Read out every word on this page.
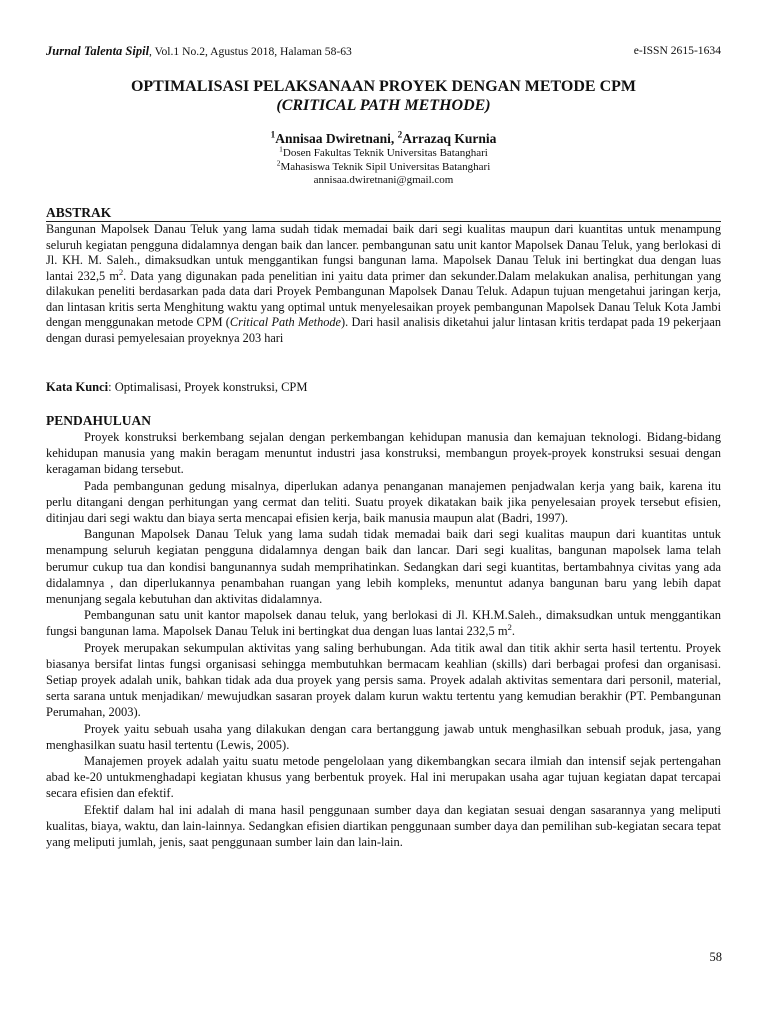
Jurnal Talenta Sipil, Vol.1 No.2, Agustus 2018, Halaman 58-63	e-ISSN 2615-1634
OPTIMALISASI PELAKSANAAN PROYEK DENGAN METODE CPM
(CRITICAL PATH METHODE)
$^1$Annisaa Dwiretnani, $^2$Arrazaq Kurnia
$^1$Dosen Fakultas Teknik Universitas Batanghari
$^2$Mahasiswa Teknik Sipil Universitas Batanghari
annisaa.dwiretnani@gmail.com
ABSTRAK

Bangunan Mapolsek Danau Teluk yang lama sudah tidak memadai baik dari segi kualitas maupun dari kuantitas untuk menampung seluruh kegiatan pengguna didalamnya dengan baik dan lancer. pembangunan satu unit kantor Mapolsek Danau Teluk, yang berlokasi di Jl. KH. M. Saleh., dimaksudkan untuk menggantikan fungsi bangunan lama. Mapolsek Danau Teluk ini bertingkat dua dengan luas lantai 232,5 $m^2$. Data yang digunakan pada penelitian ini yaitu data primer dan sekunder.Dalam melakukan analisa, perhitungan yang dilakukan peneliti berdasarkan pada data dari Proyek Pembangunan Mapolsek Danau Teluk. Adapun tujuan mengetahui jaringan kerja, dan lintasan kritis serta Menghitung waktu yang optimal untuk menyelesaikan proyek pembangunan Mapolsek Danau Teluk Kota Jambi dengan menggunakan metode CPM (Critical Path Methode). Dari hasil analisis diketahui jalur lintasan kritis terdapat pada 19 pekerjaan dengan durasi pemyelesaian proyeknya 203 hari

Kata Kunci: Optimalisasi, Proyek konstruksi, CPM
PENDAHULUAN

Proyek konstruksi berkembang sejalan dengan perkembangan kehidupan manusia dan kemajuan teknologi. Bidang-bidang kehidupan manusia yang makin beragam menuntut industri jasa konstruksi, membangun proyek-proyek konstruksi sesuai dengan keragaman bidang tersebut.

Pada pembangunan gedung misalnya, diperlukan adanya penanganan manajemen penjadwalan kerja yang baik, karena itu perlu ditangani dengan perhitungan yang cermat dan teliti. Suatu proyek dikatakan baik jika penyelesaian proyek tersebut efisien, ditinjau dari segi waktu dan biaya serta mencapai efisien kerja, baik manusia maupun alat (Badri, 1997).

Bangunan Mapolsek Danau Teluk yang lama sudah tidak memadai baik dari segi kualitas maupun dari kuantitas untuk menampung seluruh kegiatan pengguna didalamnya dengan baik dan lancar. Dari segi kualitas, bangunan mapolsek lama telah berumur cukup tua dan kondisi bangunannya sudah memprihatinkan. Sedangkan dari segi kuantitas, bertambahnya civitas yang ada didalamnya , dan diperlukannya penambahan ruangan yang lebih kompleks, menuntut adanya bangunan baru yang lebih dapat menunjang segala kebutuhan dan aktivitas didalamnya.

Pembangunan satu unit kantor mapolsek danau teluk, yang berlokasi di Jl. KH.M.Saleh., dimaksudkan untuk menggantikan fungsi bangunan lama. Mapolsek Danau Teluk ini bertingkat dua dengan luas lantai 232,5 $m^2$.

Proyek merupakan sekumpulan aktivitas yang saling berhubungan. Ada titik awal dan titik akhir serta hasil tertentu. Proyek biasanya bersifat lintas fungsi organisasi sehingga membutuhkan bermacam keahlian (skills) dari berbagai profesi dan organisasi. Setiap proyek adalah unik, bahkan tidak ada dua proyek yang persis sama. Proyek adalah aktivitas sementara dari personil, material, serta sarana untuk menjadikan/ mewujudkan sasaran proyek dalam kurun waktu tertentu yang kemudian berakhir (PT. Pembangunan Perumahan, 2003).

Proyek yaitu sebuah usaha yang dilakukan dengan cara bertanggung jawab untuk menghasilkan sebuah produk, jasa, yang menghasilkan suatu hasil tertentu (Lewis, 2005).

Manajemen proyek adalah yaitu suatu metode pengelolaan yang dikembangkan secara ilmiah dan intensif sejak pertengahan abad ke-20 untukmenghadapi kegiatan khusus yang berbentuk proyek. Hal ini merupakan usaha agar tujuan kegiatan dapat tercapai secara efisien dan efektif.

Efektif dalam hal ini adalah di mana hasil penggunaan sumber daya dan kegiatan sesuai dengan sasarannya yang meliputi kualitas, biaya, waktu, dan lain-lainnya. Sedangkan efisien diartikan penggunaan sumber daya dan pemilihan sub-kegiatan secara tepat yang meliputi jumlah, jenis, saat penggunaan sumber lain dan lain-lain.

58
